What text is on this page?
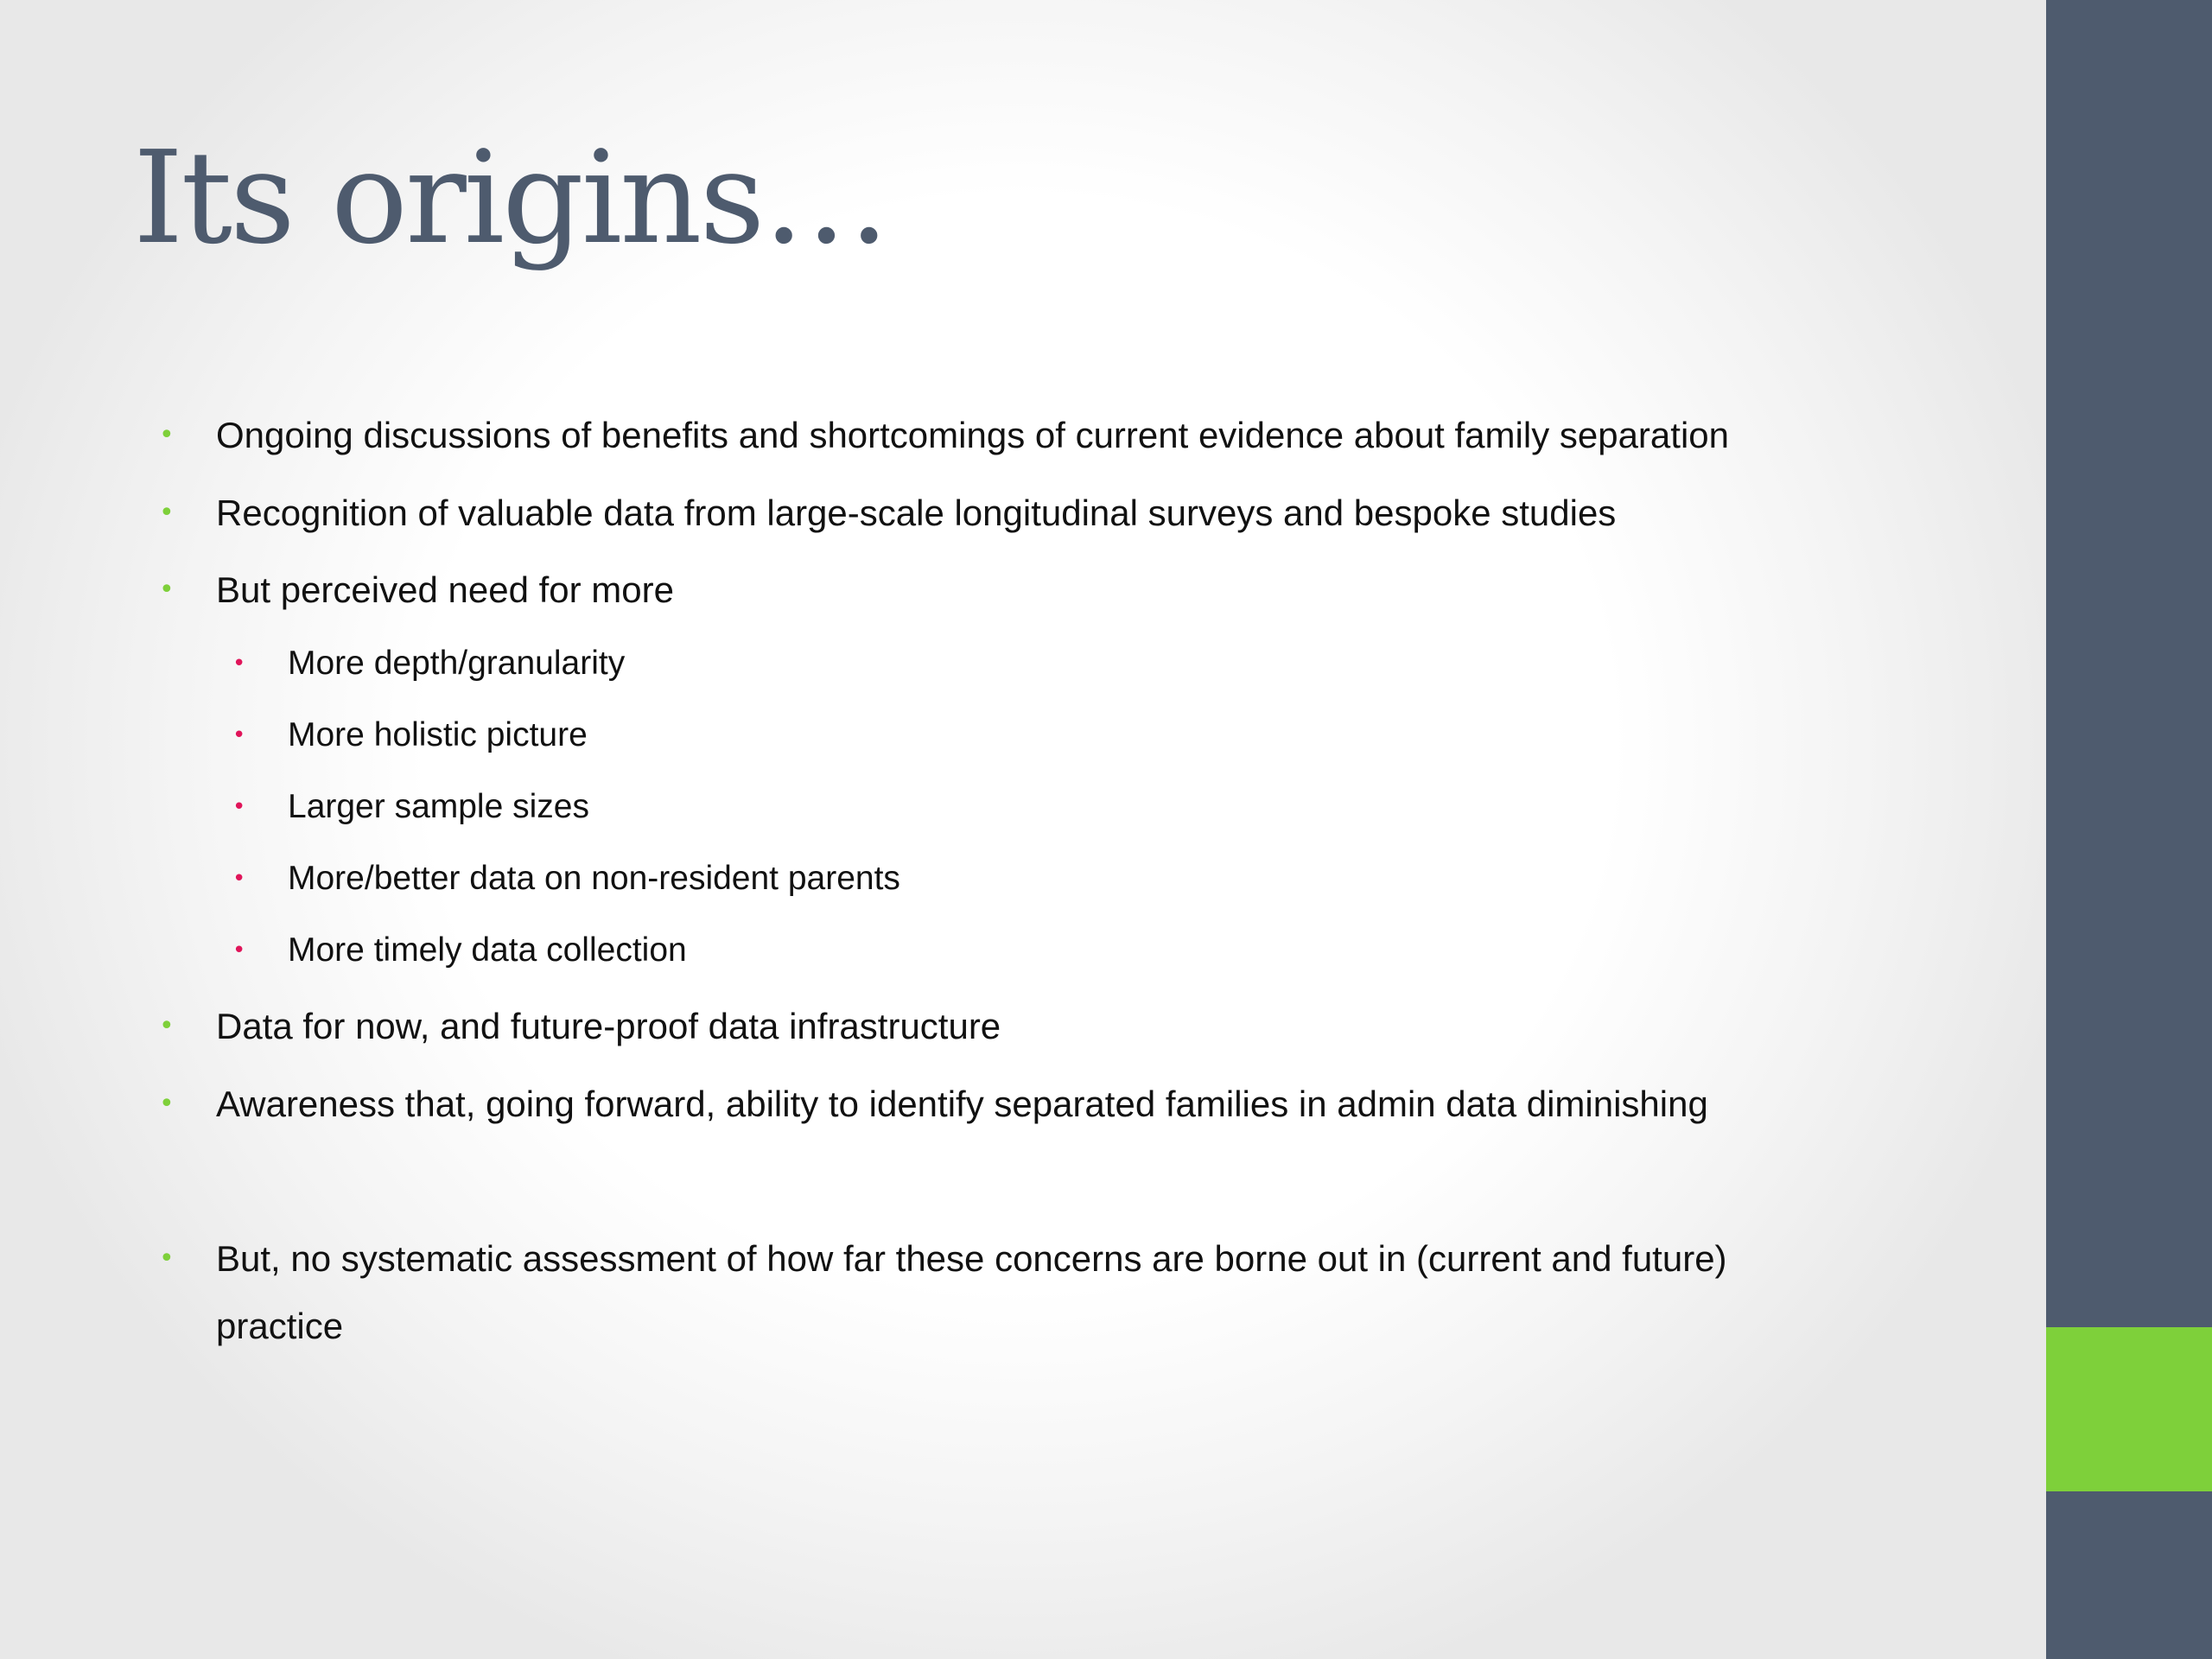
Its origins…
• Ongoing discussions of benefits and shortcomings of current evidence about family separation
• Recognition of valuable data from large-scale longitudinal surveys and bespoke studies
• But perceived need for more
• More depth/granularity
• More holistic picture
• Larger sample sizes
• More/better data on non-resident parents
• More timely data collection
• Data for now, and future-proof data infrastructure
• Awareness that, going forward, ability to identify separated families in admin data diminishing
• But, no systematic assessment of how far these concerns are borne out in (current and future)
practice
